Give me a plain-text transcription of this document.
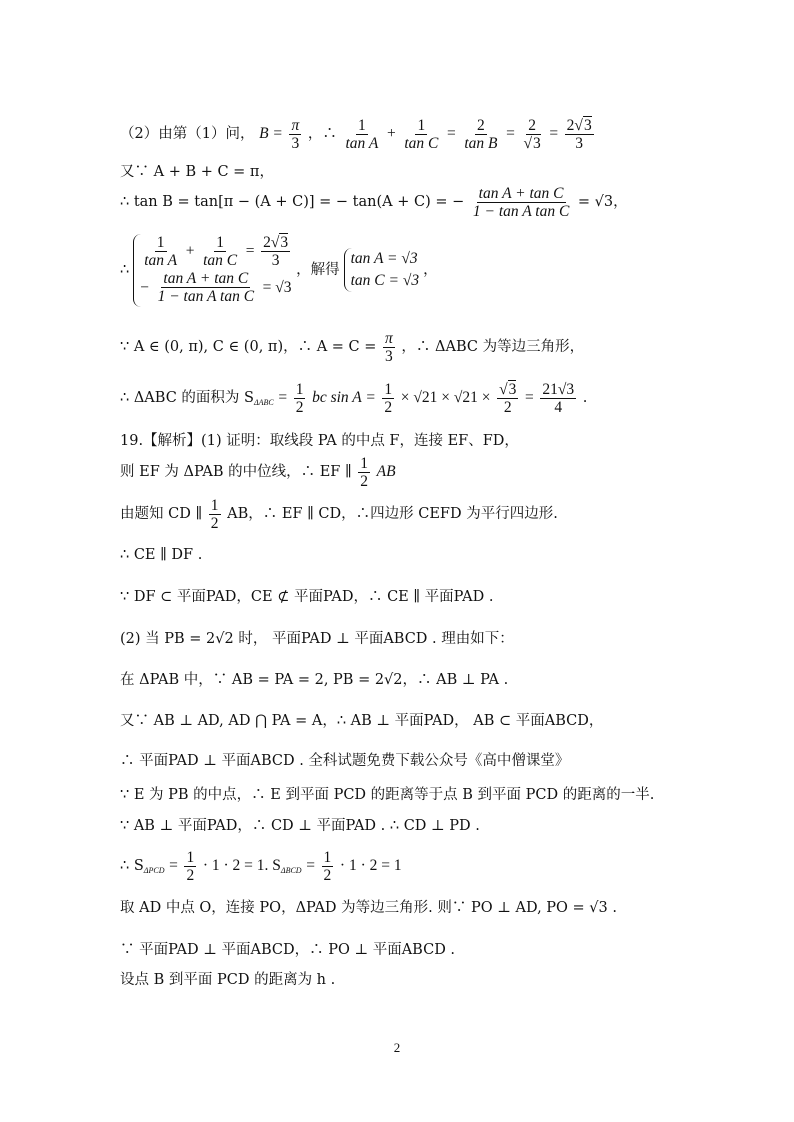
（2）由第（1）问， $B = \frac{\pi}{3}$ ，∴ $\frac{1}{\text{tan A}} + \frac{1}{\text{tan C}} = \frac{2}{\text{tan B}} = \frac{2}{√3} = \frac{2√3}{3}$
又∵ A + B + C = π，
∴ tan B = tan[π − (A + C)] = − tan(A + C) = − $\frac{\text{tan A + tan C}}{\text{1 − tan A tan C}} = √3$，
∴
$\frac{1}{\text{tan A}} + \frac{1}{\text{tan C}} = \frac{2√3}{3}$
− $\frac{\text{tan A + tan C}}{\text{1 − tan A tan C}} = √3$
，解得
tan A = √3
tan C = √3
，
∵ A ∈ (0, π), C ∈ (0, π)，∴ $A = C = \frac{\pi}{3}$ ，∴ ΔABC 为等边三角形，
∴ ΔABC 的面积为 $S_{\Delta ABC} = \frac{1}{2}$ bc $\sin A = \frac{1}{2} \times √21 \times √21 \times \frac{√3}{2} = \frac{21√3}{4}$ .
19.【解析】(1) 证明：取线段 PA 的中点 F，连接 EF、FD，
则 EF 为 ΔPAB 的中位线，∴ EF ∥ $\frac{1}{2}$ AB
由题知 CD ∥ $\frac{1}{2}$ AB，∴ EF ∥ CD，∴四边形 CEFD 为平行四边形.
∴ CE ∥ DF .
∵ DF ⊂ 平面PAD，CE ⊄ 平面PAD，∴ CE ∥ 平面PAD .
(2) 当 PB = 2√2 时， 平面PAD ⊥ 平面ABCD . 理由如下：
在 ΔPAB 中，∵ AB = PA = 2, PB = 2√2，∴ AB ⊥ PA .
又∵ AB ⊥ AD, AD ⋂ PA = A，∴ AB ⊥ 平面PAD， AB ⊂ 平面ABCD，
∴ 平面PAD ⊥ 平面ABCD . 全科试题免费下载公众号《高中僧课堂》
∵ E 为 PB 的中点，∴ E 到平面 PCD 的距离等于点 B 到平面 PCD 的距离的一半.
∵ AB ⊥ 平面PAD，∴ CD ⊥ 平面PAD . ∴ CD ⊥ PD .
∴ $S_{\Delta PCD} = \frac{1}{2} \cdot 1 \cdot 2 = 1$. $S_{\Delta BCD} = \frac{1}{2} \cdot 1 \cdot 2 = 1$
取 AD 中点 O，连接 PO，ΔPAD 为等边三角形. 则∵ PO ⊥ AD, PO = √3 .
∵ 平面PAD ⊥ 平面ABCD，∴ PO ⊥ 平面ABCD .
设点 B 到平面 PCD 的距离为 h .
2
